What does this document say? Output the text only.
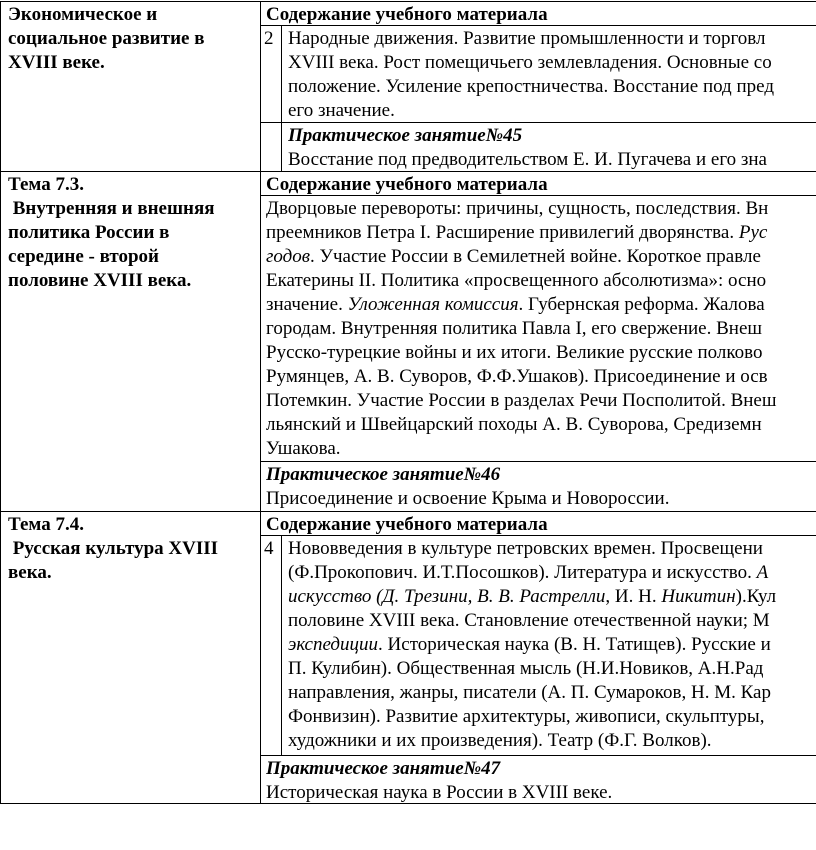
Экономическое и
социальное развитие в
XVIII веке.
Содержание учебного материала
2 Народные движения. Развитие промышленности и торговл
XVIII века. Рост помещичьего землевладения. Основные со
положение. Усиление крепостничества. Восстание под пред
его значение.
Практическое занятие№45
Восстание под предводительством Е. И. Пугачева и его зна
Тема 7.3.
Внутренняя и внешняя
политика России в
середине - второй
половине XVIII века.
Содержание учебного материала
Дворцовые перевороты: причины, сущность, последствия. Вн
преемников Петра I. Расширение привилегий дворянства. Рус
годов. Участие России в Семилетней войне. Короткое правле
Екатерины II. Политика «просвещенного абсолютизма»: осно
значение. Уложенная комиссия. Губернская реформа. Жалова
городам. Внутренняя политика Павла I, его свержение. Внеш
Русско-турецкие войны и их итоги. Великие русские полково
Румянцев, А. В. Суворов, Ф.Ф.Ушаков). Присоединение и осв
Потемкин. Участие России в разделах Речи Посполитой. Внеш
льянский и Швейцарский походы А. В. Суворова, Средиземн
Ушакова.
Практическое занятие№46
Присоединение и освоение Крыма и Новороссии.
Тема 7.4.
Русская культура XVIII
века.
Содержание учебного материала
4 Нововведения в культуре петровских времен. Просвещени
(Ф.Прокопович. И.Т.Посошков). Литература и искусство. А
искусство (Д. Трезини, В. В. Растрелли, И. Н. Никитин).Кул
половине XVIII века. Становление отечественной науки; М
экспедиции. Историческая наука (В. Н. Татищев). Русские и
П. Кулибин). Общественная мысль (Н.И.Новиков, А.Н.Рад
направления, жанры, писатели (А. П. Сумароков, Н. М. Кар
Фонвизин). Развитие архитектуры, живописи, скульптуры,
художники и их произведения). Театр (Ф.Г. Волков).
Практическое занятие№47
Историческая наука в России в XVIII веке.
